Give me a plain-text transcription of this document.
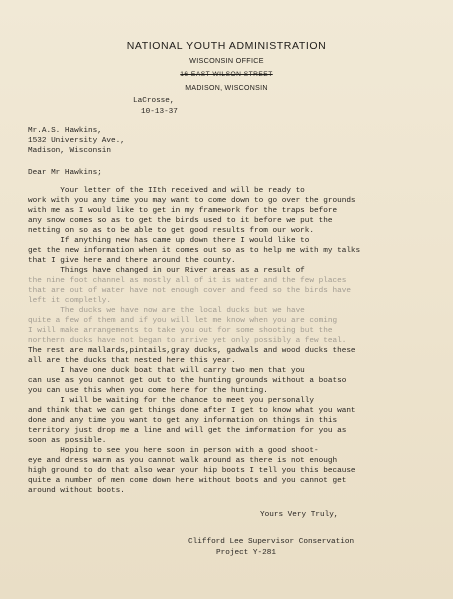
NATIONAL YOUTH ADMINISTRATION
WISCONSIN OFFICE
16 EAST WILSON STREET
MADISON, WISCONSIN
LaCrosse,
10-13-37
Mr.A.S. Hawkins,
1532 University Ave.,
Madison, Wisconsin
Dear Mr Hawkins;
Your letter of the IIth received and will be ready to
work with you any time you may want to come down to go over the grounds
with me as I would like to get in my framework for the traps before
any snow comes so as to get the birds used to it before we put the
netting on so as to be able to get good results from our work.
If anything new has came up down there I would like to
get the new information when it comes out so as to help me with my talks
that I give here and there around the county.
Things have changed in our River areas as a result of
the nine foot channel as mostly all of it is water and the few places
that are out of water have not enough cover and feed so the birds have
left it completly.
The ducks we have now are the local ducks but we have
quite a few of them and if you will let me know when you are coming
I will make arrangements to take you out for some shooting but the
northern ducks have not began to arrive yet only possibly a few teal.
The rest are mallards,pintails,gray ducks, gadwals and wood ducks these
all are the ducks that nested here this year.
I have one duck boat that will carry two men that you
can use as you cannot get out to the hunting grounds without a boatso
you can use this when you come here for the hunting.
I will be waiting for the chance to meet you personally
and think that we can get things done after I get to know what you want
done and any time you want to get any information on things in this
territory just drop me a line and will get the imformation for you as
soon as possible.
Hoping to see you here soon in person with a good shoot-
eye and dress warm as you cannot walk around as there is not enough
high ground to do that also wear your hip boots I tell you this because
quite a number of men come down here without boots and you cannot get
around without boots.
Yours Very Truly,
Clifford Lee Supervisor Conservation
Project Y-281
